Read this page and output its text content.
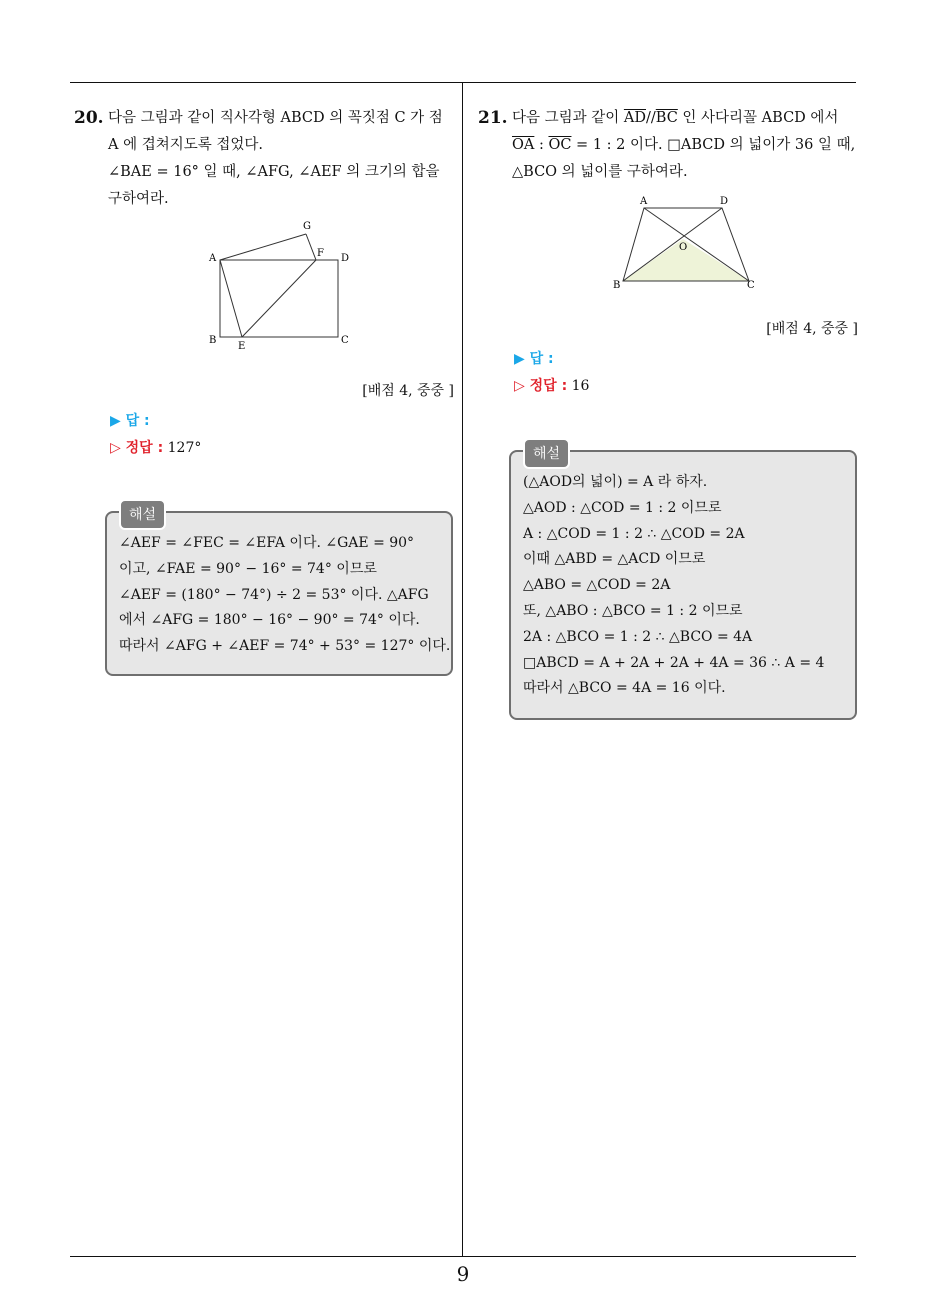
20. 다음 그림과 같이 직사각형 ABCD 의 꼭짓점 C 가 점
A 에 겹쳐지도록 접었다.
∠BAE = 16° 일 때, ∠AFG, ∠AEF 의 크기의 합을
구하여라.
A
B	C
D
E
F
G
[배점 4, 중중 ]
▶ 답 :
▷ 정답 : 127°
해설
∠AEF = ∠FEC = ∠EFA 이다. ∠GAE = 90°
이고, ∠FAE = 90° − 16° = 74° 이므로
∠AEF = (180° − 74°) ÷ 2 = 53° 이다. △AFG
에서 ∠AFG = 180° − 16° − 90° = 74° 이다.
따라서 ∠AFG + ∠AEF = 74° + 53° = 127° 이다.
21. 다음 그림과 같이 $\overline{AD}//\overline{BC}$ 인 사다리꼴 ABCD 에서
$\overline{OA}$ : $\overline{OC} = 1$ : 2 이다. □ABCD 의 넓이가 36 일 때,
△BCO 의 넓이를 구하여라.
A	D
B	C
O
[배점 4, 중중 ]
▶ 답 :
▷ 정답 : 16
해설
(△AOD의 넓이) = A 라 하자.
△AOD : △COD = 1 : 2 이므로
A : △COD = 1 : 2 ∴ △COD = 2A
이때 △ABD = △ACD 이므로
△ABO = △COD = 2A
또, △ABO : △BCO = 1 : 2 이므로
2A : △BCO = 1 : 2 ∴ △BCO = 4A
□ABCD = A + 2A + 2A + 4A = 36 ∴ A = 4
따라서 △BCO = 4A = 16 이다.
9
